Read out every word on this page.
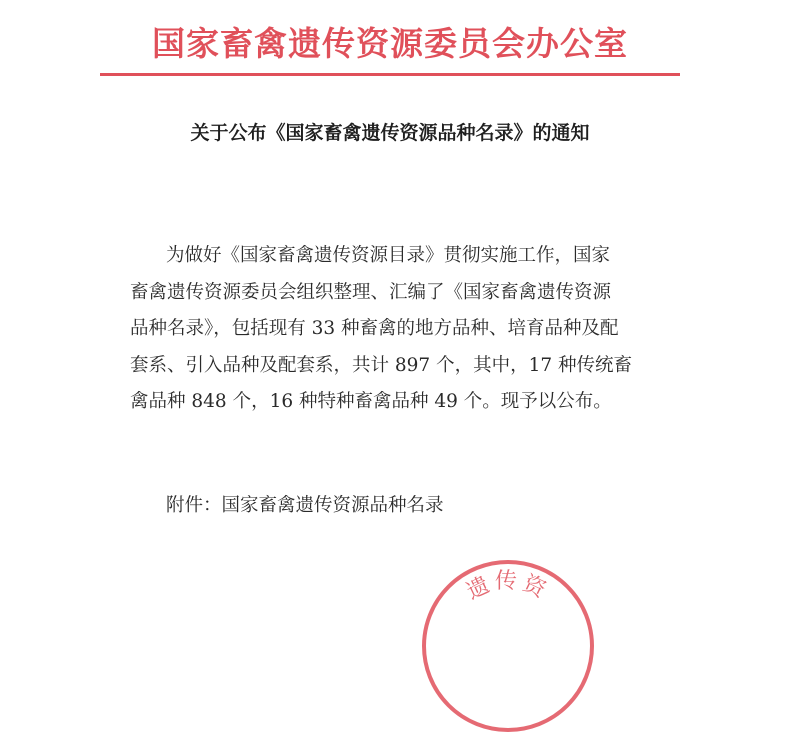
国家畜禽遗传资源委员会办公室
关于公布《国家畜禽遗传资源品种名录》的通知
为做好《国家畜禽遗传资源目录》贯彻实施工作，国家
畜禽遗传资源委员会组织整理、汇编了《国家畜禽遗传资源
品种名录》，包括现有 33 种畜禽的地方品种、培育品种及配
套系、引入品种及配套系，共计 897 个，其中，17 种传统畜
禽品种 848 个，16 种特种畜禽品种 49 个。现予以公布。
附件：国家畜禽遗传资源品种名录
遗传资
